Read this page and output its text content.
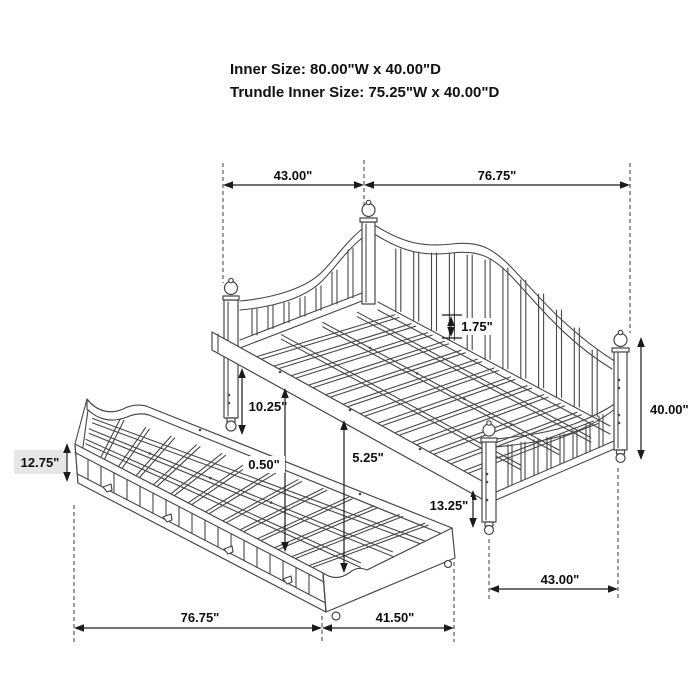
Inner Size: 80.00"W x 40.00"D
Trundle Inner Size: 75.25"W x 40.00"D
43.00"	76.75"
1.75"
10.25"
0.50"	5.25"
13.25"
12.75"
40.00"
76.75"	41.50"
43.00"
